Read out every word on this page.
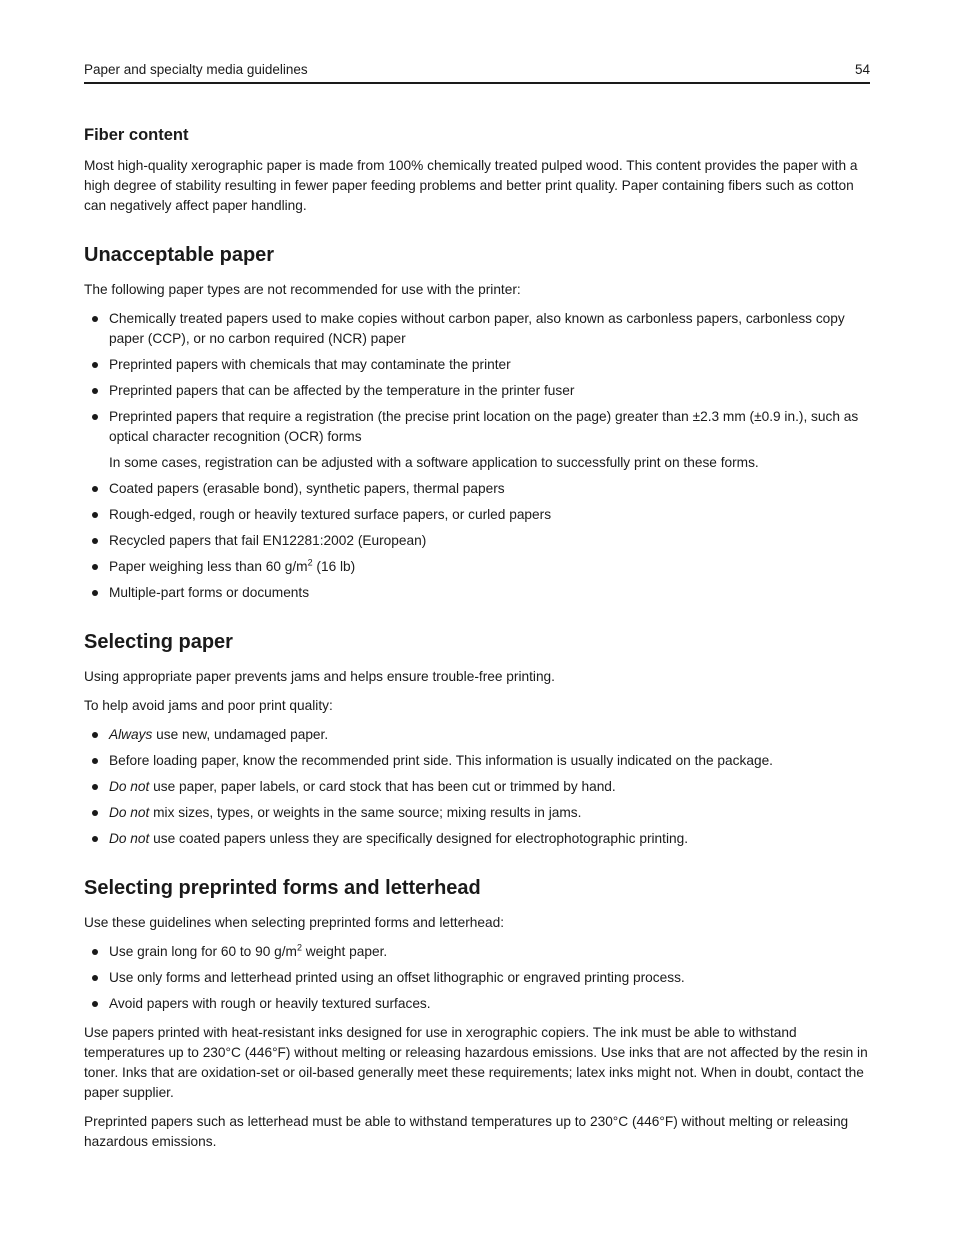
Paper and specialty media guidelines	54
Fiber content

Most high-quality xerographic paper is made from 100% chemically treated pulped wood. This content provides the paper with a high degree of stability resulting in fewer paper feeding problems and better print quality. Paper containing fibers such as cotton can negatively affect paper handling.

Unacceptable paper

The following paper types are not recommended for use with the printer:

Chemically treated papers used to make copies without carbon paper, also known as carbonless papers, carbonless copy paper (CCP), or no carbon required (NCR) paper
Preprinted papers with chemicals that may contaminate the printer
Preprinted papers that can be affected by the temperature in the printer fuser
Preprinted papers that require a registration (the precise print location on the page) greater than ±2.3 mm (±0.9 in.), such as optical character recognition (OCR) forms

In some cases, registration can be adjusted with a software application to successfully print on these forms.

Coated papers (erasable bond), synthetic papers, thermal papers
Rough-edged, rough or heavily textured surface papers, or curled papers
Recycled papers that fail EN12281:2002 (European)
Paper weighing less than 60 $g/m^2$ (16 lb)
Multiple-part forms or documents
Selecting paper

Using appropriate paper prevents jams and helps ensure trouble-free printing.

To help avoid jams and poor print quality:

Always use new, undamaged paper.
Before loading paper, know the recommended print side. This information is usually indicated on the package.
Do not use paper, paper labels, or card stock that has been cut or trimmed by hand.
Do not mix sizes, types, or weights in the same source; mixing results in jams.
Do not use coated papers unless they are specifically designed for electrophotographic printing.
Selecting preprinted forms and letterhead

Use these guidelines when selecting preprinted forms and letterhead:

Use grain long for 60 to 90 $g/m^2$ weight paper.
Use only forms and letterhead printed using an offset lithographic or engraved printing process.
Avoid papers with rough or heavily textured surfaces.

Use papers printed with heat-resistant inks designed for use in xerographic copiers. The ink must be able to withstand temperatures up to 230°C (446°F) without melting or releasing hazardous emissions. Use inks that are not affected by the resin in toner. Inks that are oxidation-set or oil-based generally meet these requirements; latex inks might not. When in doubt, contact the paper supplier.

Preprinted papers such as letterhead must be able to withstand temperatures up to 230°C (446°F) without melting or releasing hazardous emissions.
